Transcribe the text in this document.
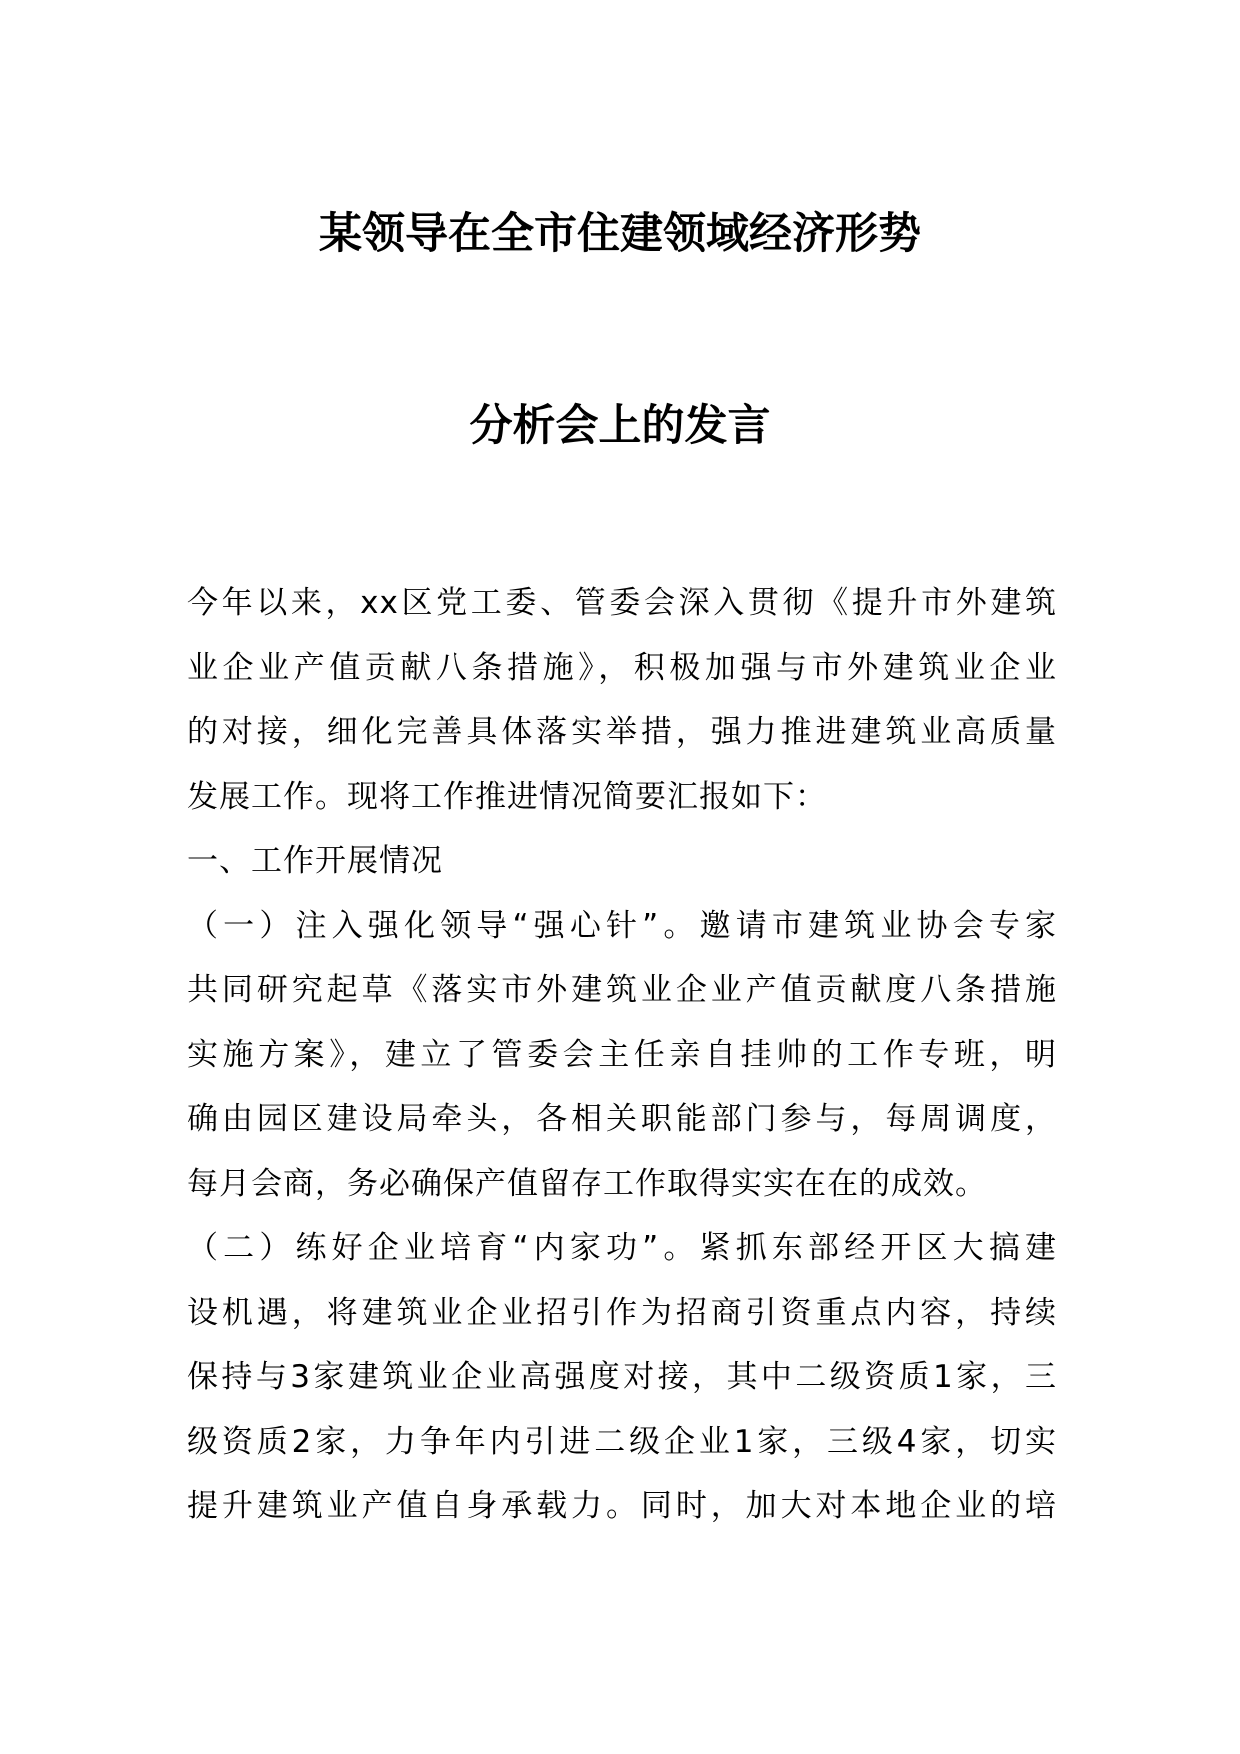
某领导在全市住建领域经济形势
分析会上的发言
今年以来，xx区党工委、管委会深入贯彻《提升市外建筑
业企业产值贡献八条措施》，积极加强与市外建筑业企业
的对接，细化完善具体落实举措，强力推进建筑业高质量
发展工作。现将工作推进情况简要汇报如下：
一、工作开展情况
（一）注入强化领导“强心针”。邀请市建筑业协会专家
共同研究起草《落实市外建筑业企业产值贡献度八条措施
实施方案》，建立了管委会主任亲自挂帅的工作专班，明
确由园区建设局牵头，各相关职能部门参与，每周调度，
每月会商，务必确保产值留存工作取得实实在在的成效。
（二）练好企业培育“内家功”。紧抓东部经开区大搞建
设机遇，将建筑业企业招引作为招商引资重点内容，持续
保持与3家建筑业企业高强度对接，其中二级资质1家，三
级资质2家，力争年内引进二级企业1家，三级4家，切实
提升建筑业产值自身承载力。同时，加大对本地企业的培
